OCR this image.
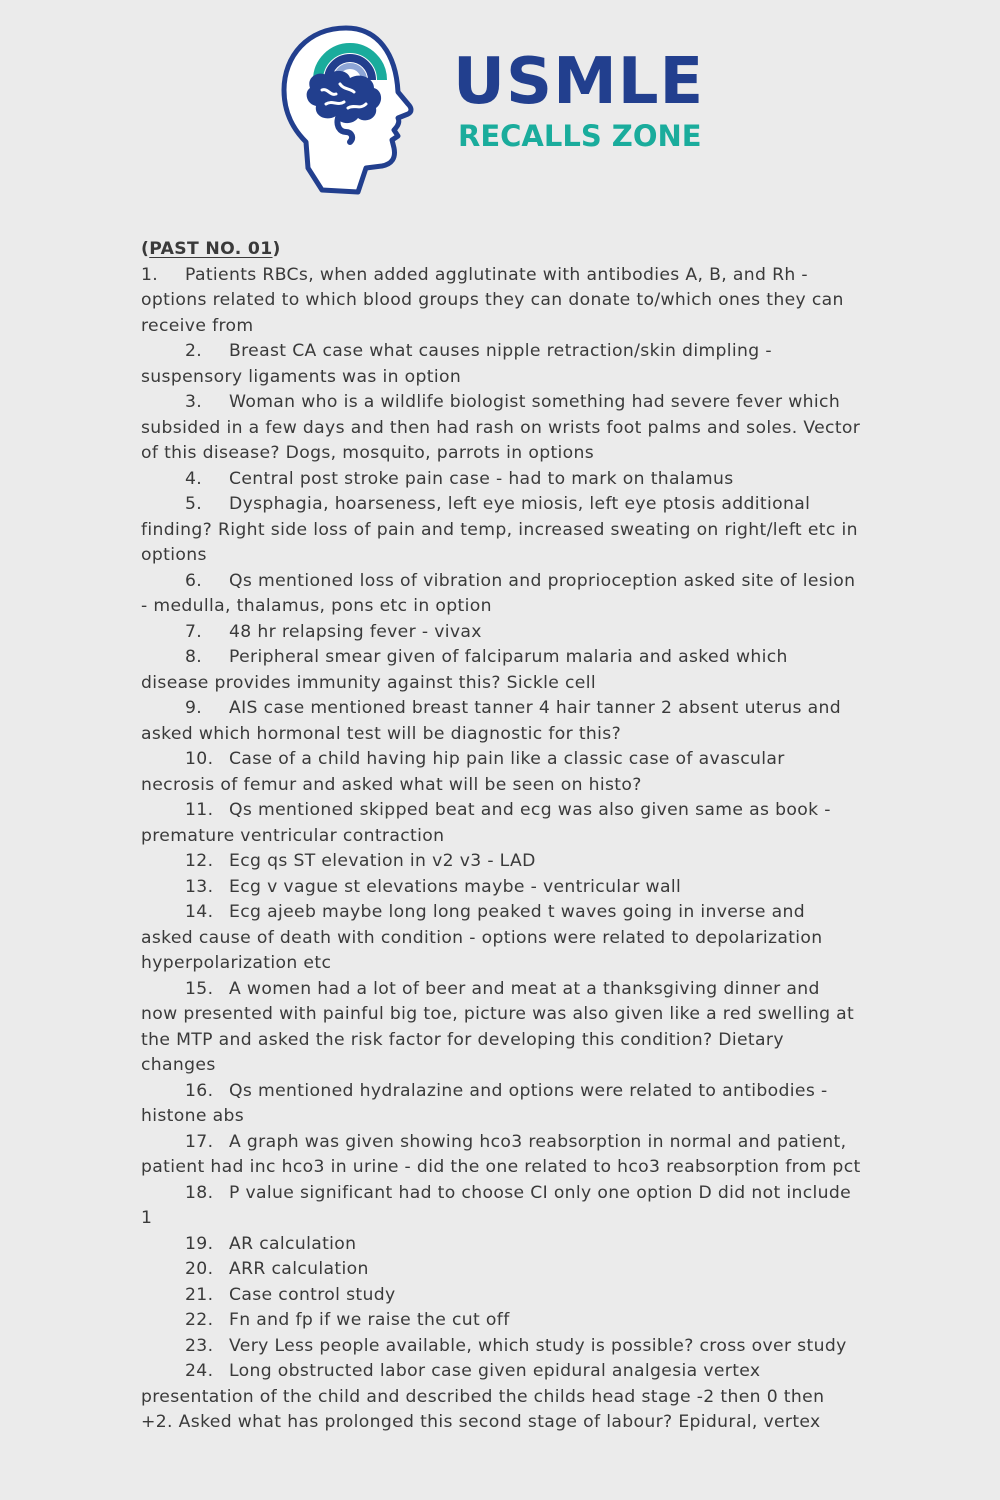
USMLE
RECALLS ZONE

(PAST NO. 01)

1. Patients RBCs, when added agglutinate with antibodies A, B, and Rh - options related to which blood groups they can donate to/which ones they can receive from

2. Breast CA case what causes nipple retraction/skin dimpling - suspensory ligaments was in option

3. Woman who is a wildlife biologist something had severe fever which subsided in a few days and then had rash on wrists foot palms and soles. Vector of this disease? Dogs, mosquito, parrots in options

4. Central post stroke pain case - had to mark on thalamus

5. Dysphagia, hoarseness, left eye miosis, left eye ptosis additional finding? Right side loss of pain and temp, increased sweating on right/left etc in options

6. Qs mentioned loss of vibration and proprioception asked site of lesion - medulla, thalamus, pons etc in option

7. 48 hr relapsing fever - vivax

8. Peripheral smear given of falciparum malaria and asked which disease provides immunity against this? Sickle cell

9. AIS case mentioned breast tanner 4 hair tanner 2 absent uterus and asked which hormonal test will be diagnostic for this?

10. Case of a child having hip pain like a classic case of avascular necrosis of femur and asked what will be seen on histo?

11. Qs mentioned skipped beat and ecg was also given same as book - premature ventricular contraction

12. Ecg qs ST elevation in v2 v3 - LAD

13. Ecg v vague st elevations maybe - ventricular wall

14. Ecg ajeeb maybe long long peaked t waves going in inverse and asked cause of death with condition - options were related to depolarization hyperpolarization etc

15. A women had a lot of beer and meat at a thanksgiving dinner and now presented with painful big toe, picture was also given like a red swelling at the MTP and asked the risk factor for developing this condition? Dietary changes

16. Qs mentioned hydralazine and options were related to antibodies - histone abs

17. A graph was given showing hco3 reabsorption in normal and patient, patient had inc hco3 in urine - did the one related to hco3 reabsorption from pct

18. P value significant had to choose CI only one option D did not include 1

19. AR calculation

20. ARR calculation

21. Case control study

22. Fn and fp if we raise the cut off

23. Very Less people available, which study is possible? cross over study

24. Long obstructed labor case given epidural analgesia vertex presentation of the child and described the childs head stage -2 then 0 then +2. Asked what has prolonged this second stage of labour? Epidural, vertex
